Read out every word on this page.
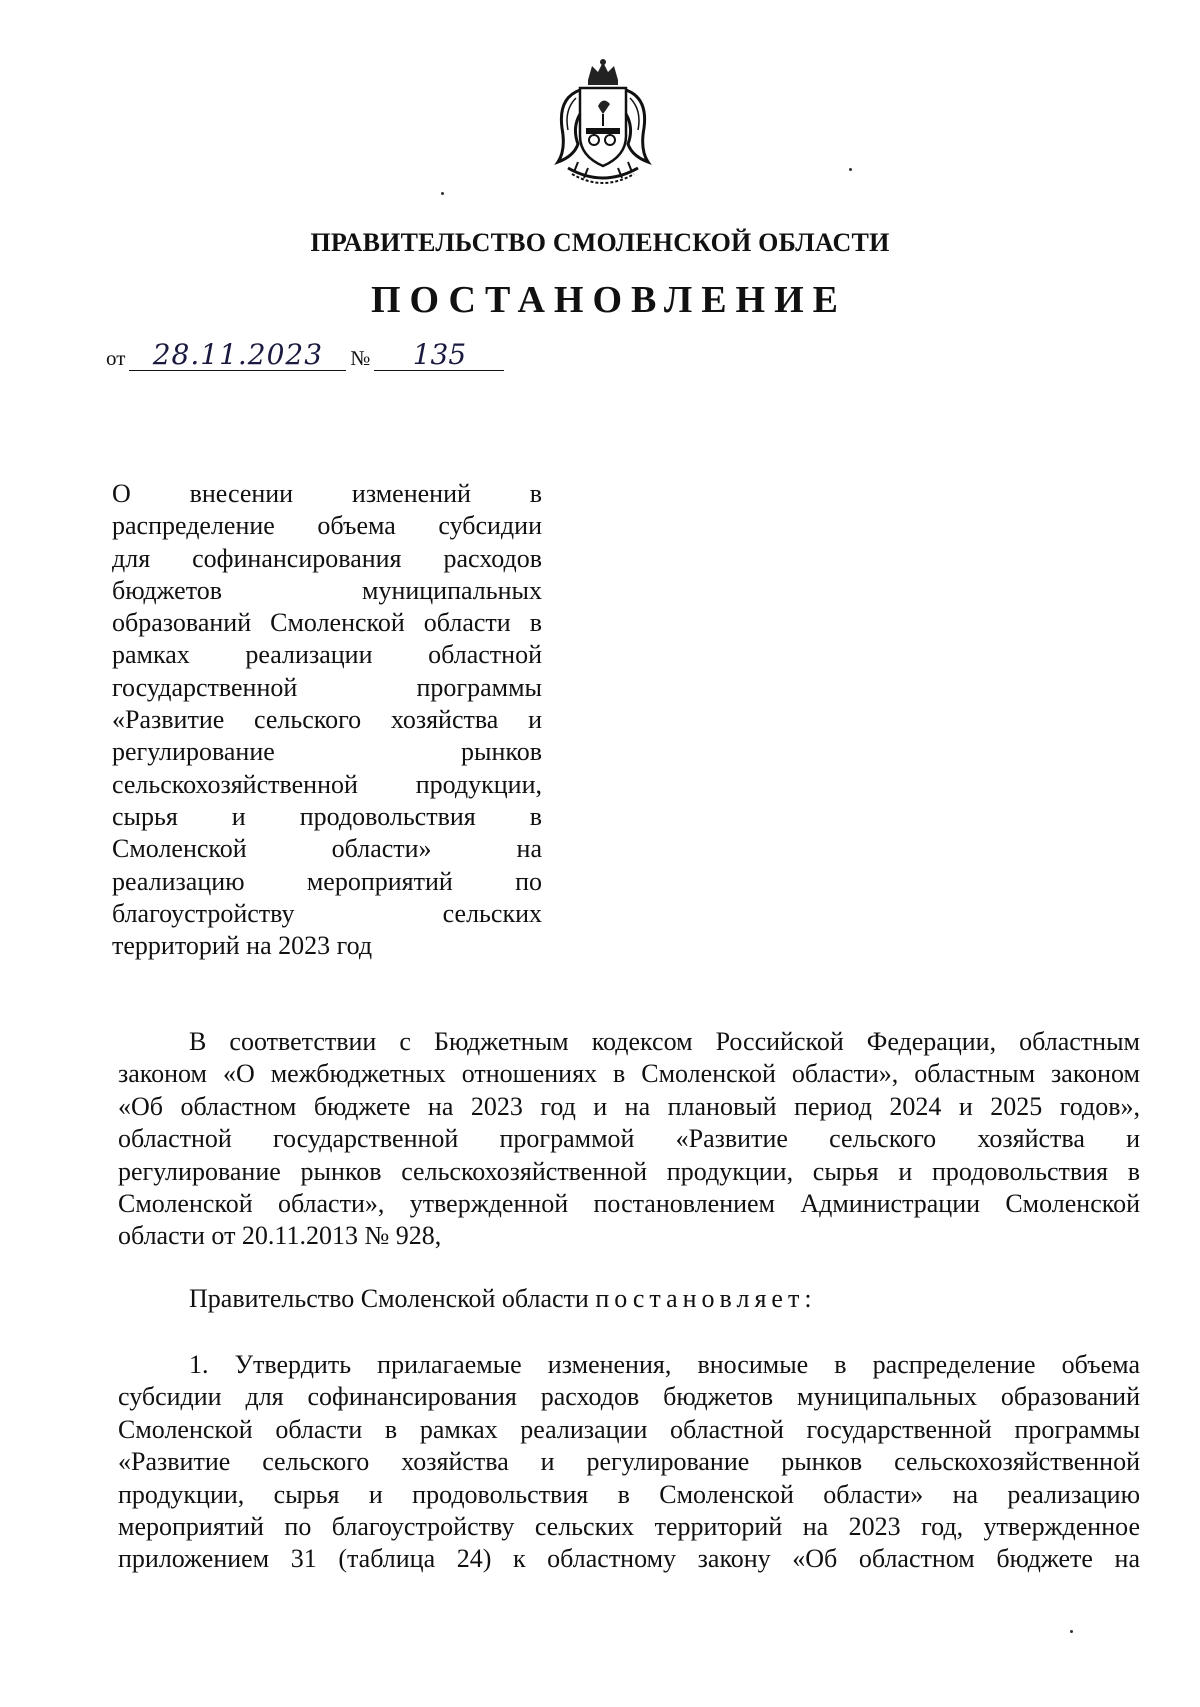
ПРАВИТЕЛЬСТВО СМОЛЕНСКОЙ ОБЛАСТИ
ПОСТАНОВЛЕНИЕ
от 28.11.2023	№	135
О внесении изменений в
распределение объема субсидии
для софинансирования расходов
бюджетов муниципальных
образований Смоленской области в
рамках реализации областной
государственной программы
«Развитие сельского хозяйства и
регулирование рынков
сельскохозяйственной продукции,
сырья и продовольствия в
Смоленской области» на
реализацию мероприятий по
благоустройству сельских
территорий на 2023 год
В соответствии с Бюджетным кодексом Российской Федерации, областным
законом «О межбюджетных отношениях в Смоленской области», областным законом
«Об областном бюджете на 2023 год и на плановый период 2024 и 2025 годов»,
областной государственной программой «Развитие сельского хозяйства и
регулирование рынков сельскохозяйственной продукции, сырья и продовольствия в
Смоленской области», утвержденной постановлением Администрации Смоленской
области от 20.11.2013 № 928,
Правительство Смоленской области постановляет:
1. Утвердить прилагаемые изменения, вносимые в распределение объема
субсидии для софинансирования расходов бюджетов муниципальных образований
Смоленской области в рамках реализации областной государственной программы
«Развитие сельского хозяйства и регулирование рынков сельскохозяйственной
продукции, сырья и продовольствия в Смоленской области» на реализацию
мероприятий по благоустройству сельских территорий на 2023 год, утвержденное
приложением 31 (таблица 24) к областному закону «Об областном бюджете на
